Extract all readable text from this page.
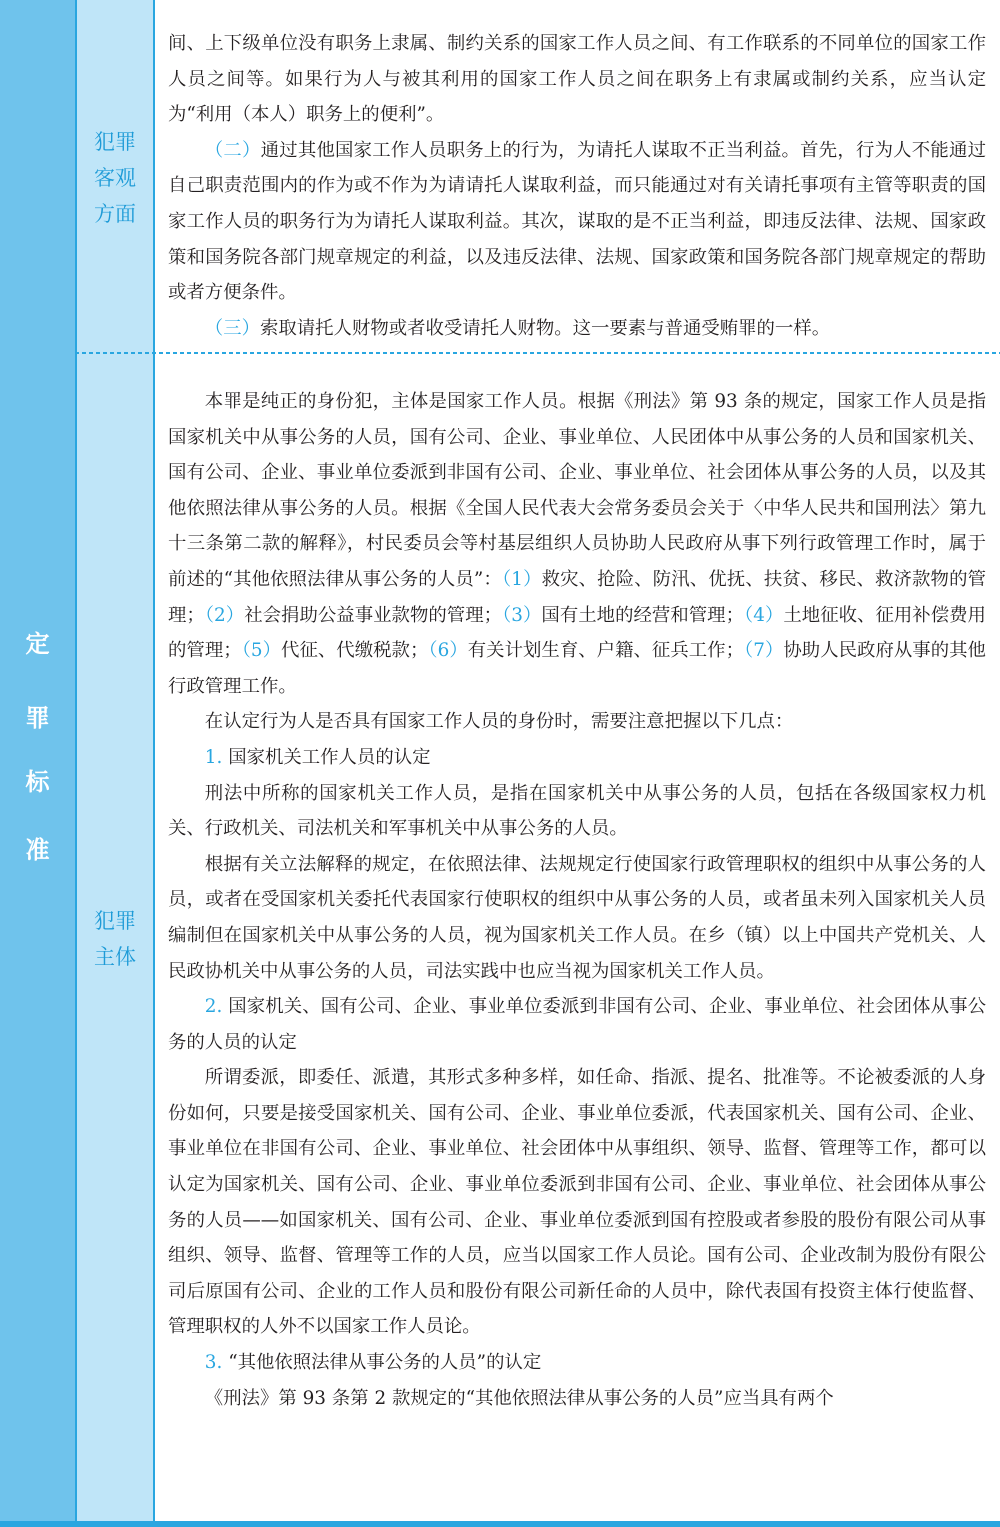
定
罪
标
准
犯罪
客观
方面
犯罪
主体

间、上下级单位没有职务上隶属、制约关系的国家工作人员之间、有工作联系的不同单位的国家工作人员之间等。如果行为人与被其利用的国家工作人员之间在职务上有隶属或制约关系，应当认定为“利用（本人）职务上的便利”。

（二）通过其他国家工作人员职务上的行为，为请托人谋取不正当利益。首先，行为人不能通过自己职责范围内的作为或不作为为请请托人谋取利益，而只能通过对有关请托事项有主管等职责的国家工作人员的职务行为为请托人谋取利益。其次，谋取的是不正当利益，即违反法律、法规、国家政策和国务院各部门规章规定的利益，以及违反法律、法规、国家政策和国务院各部门规章规定的帮助或者方便条件。

（三）索取请托人财物或者收受请托人财物。这一要素与普通受贿罪的一样。

本罪是纯正的身份犯，主体是国家工作人员。根据《刑法》第 93 条的规定，国家工作人员是指国家机关中从事公务的人员，国有公司、企业、事业单位、人民团体中从事公务的人员和国家机关、国有公司、企业、事业单位委派到非国有公司、企业、事业单位、社会团体从事公务的人员，以及其他依照法律从事公务的人员。根据《全国人民代表大会常务委员会关于〈中华人民共和国刑法〉第九十三条第二款的解释》，村民委员会等村基层组织人员协助人民政府从事下列行政管理工作时，属于前述的“其他依照法律从事公务的人员”：（1）救灾、抢险、防汛、优抚、扶贫、移民、救济款物的管理；（2）社会捐助公益事业款物的管理；（3）国有土地的经营和管理；（4）土地征收、征用补偿费用的管理；（5）代征、代缴税款；（6）有关计划生育、户籍、征兵工作；（7）协助人民政府从事的其他行政管理工作。

在认定行为人是否具有国家工作人员的身份时，需要注意把握以下几点：

1. 国家机关工作人员的认定

刑法中所称的国家机关工作人员，是指在国家机关中从事公务的人员，包括在各级国家权力机关、行政机关、司法机关和军事机关中从事公务的人员。

根据有关立法解释的规定，在依照法律、法规规定行使国家行政管理职权的组织中从事公务的人员，或者在受国家机关委托代表国家行使职权的组织中从事公务的人员，或者虽未列入国家机关人员编制但在国家机关中从事公务的人员，视为国家机关工作人员。在乡（镇）以上中国共产党机关、人民政协机关中从事公务的人员，司法实践中也应当视为国家机关工作人员。

2. 国家机关、国有公司、企业、事业单位委派到非国有公司、企业、事业单位、社会团体从事公务的人员的认定

所谓委派，即委任、派遣，其形式多种多样，如任命、指派、提名、批准等。不论被委派的人身份如何，只要是接受国家机关、国有公司、企业、事业单位委派，代表国家机关、国有公司、企业、事业单位在非国有公司、企业、事业单位、社会团体中从事组织、领导、监督、管理等工作，都可以认定为国家机关、国有公司、企业、事业单位委派到非国有公司、企业、事业单位、社会团体从事公务的人员——如国家机关、国有公司、企业、事业单位委派到国有控股或者参股的股份有限公司从事组织、领导、监督、管理等工作的人员，应当以国家工作人员论。国有公司、企业改制为股份有限公司后原国有公司、企业的工作人员和股份有限公司新任命的人员中，除代表国有投资主体行使监督、管理职权的人外不以国家工作人员论。

3. “其他依照法律从事公务的人员”的认定

《刑法》第 93 条第 2 款规定的“其他依照法律从事公务的人员”应当具有两个
